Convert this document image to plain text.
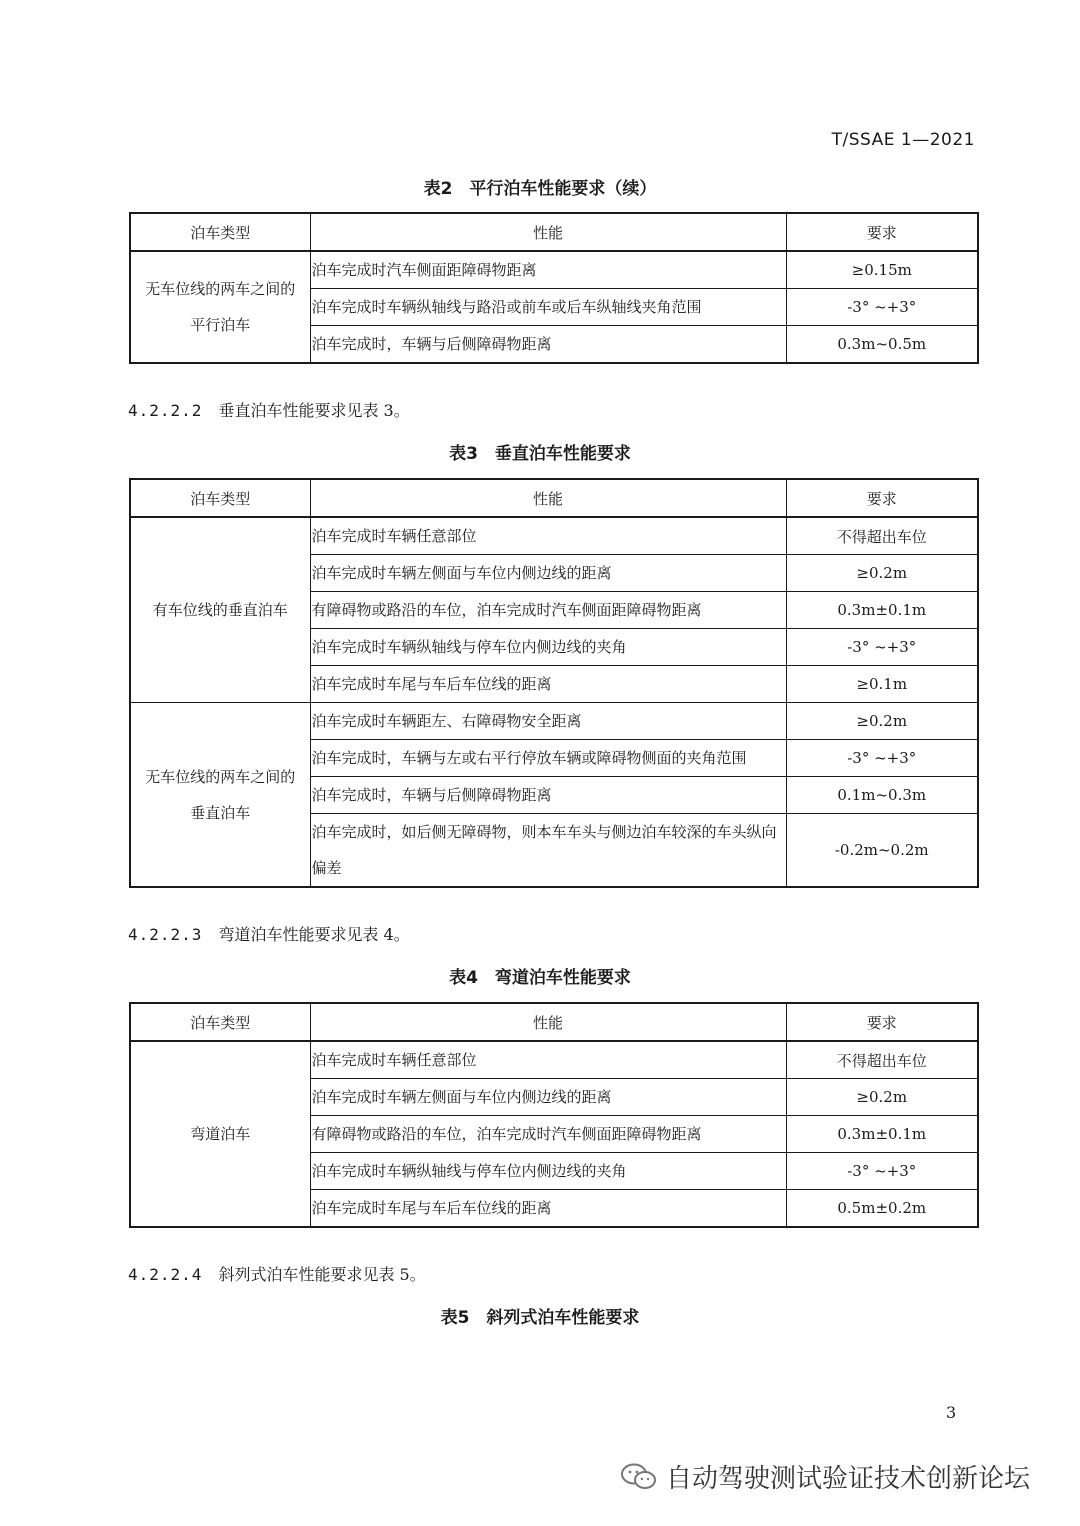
T/SSAE 1—2021
表2　平行泊车性能要求（续）
泊车类型	性能	要求

无车位线的两车之间的
平行泊车	泊车完成时汽车侧面距障碍物距离	≥0.15m
	泊车完成时车辆纵轴线与路沿或前车或后车纵轴线夹角范围	-3° ~+3°
	泊车完成时，车辆与后侧障碍物距离	0.3m~0.5m
4.2.2.2 垂直泊车性能要求见表 3。
表3　垂直泊车性能要求
泊车类型	性能	要求

有车位线的垂直泊车	泊车完成时车辆任意部位	不得超出车位
	泊车完成时车辆左侧面与车位内侧边线的距离	≥0.2m
	有障碍物或路沿的车位，泊车完成时汽车侧面距障碍物距离	0.3m±0.1m
	泊车完成时车辆纵轴线与停车位内侧边线的夹角	-3° ~+3°
	泊车完成时车尾与车后车位线的距离	≥0.1m

无车位线的两车之间的
垂直泊车	泊车完成时车辆距左、右障碍物安全距离	≥0.2m
	泊车完成时，车辆与左或右平行停放车辆或障碍物侧面的夹角范围	-3° ~+3°
	泊车完成时，车辆与后侧障碍物距离	0.1m~0.3m
	泊车完成时，如后侧无障碍物，则本车车头与侧边泊车较深的车头纵向偏差	-0.2m~0.2m
4.2.2.3 弯道泊车性能要求见表 4。
表4　弯道泊车性能要求
泊车类型	性能	要求

弯道泊车	泊车完成时车辆任意部位	不得超出车位
	泊车完成时车辆左侧面与车位内侧边线的距离	≥0.2m
	有障碍物或路沿的车位，泊车完成时汽车侧面距障碍物距离	0.3m±0.1m
	泊车完成时车辆纵轴线与停车位内侧边线的夹角	-3° ~+3°
	泊车完成时车尾与车后车位线的距离	0.5m±0.2m
4.2.2.4 斜列式泊车性能要求见表 5。
表5　斜列式泊车性能要求
3
自动驾驶测试验证技术创新论坛
